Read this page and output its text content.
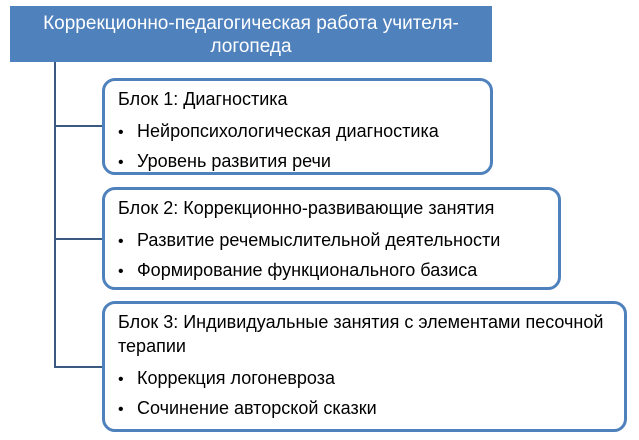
Коррекционно-педагогическая работа учителя-логопеда
Блок 1: Диагностика
• Нейропсихологическая диагностика
• Уровень развития речи
Блок 2: Коррекционно-развивающие занятия
• Развитие речемыслительной деятельности
• Формирование функционального базиса
Блок 3: Индивидуальные занятия с элементами песочной терапии
• Коррекция логоневроза
• Сочинение авторской сказки
